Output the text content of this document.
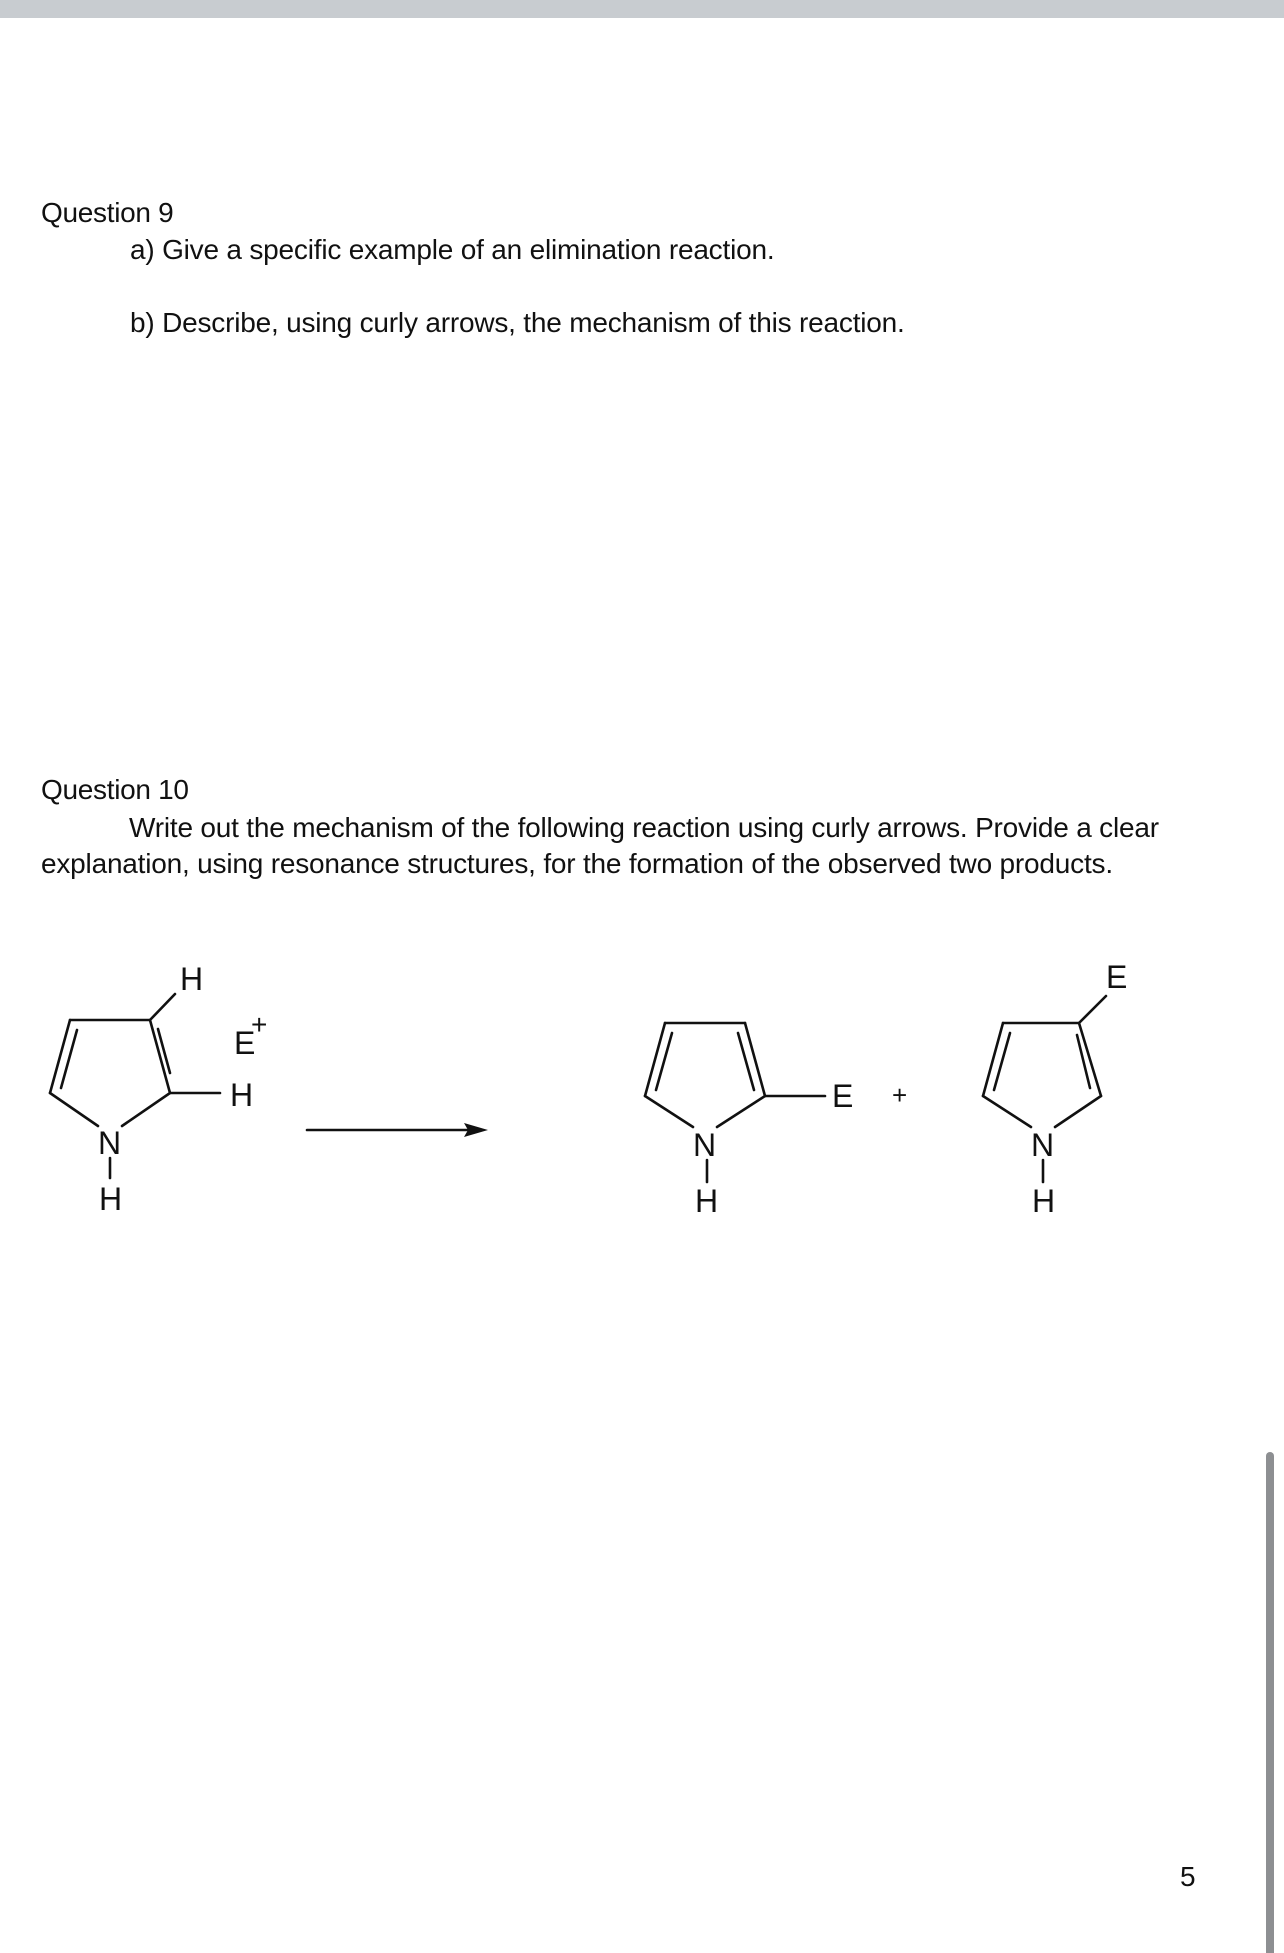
Question 9

a) Give a specific example of an elimination reaction.

b) Describe, using curly arrows, the mechanism of this reaction.

Question 10

Write out the mechanism of the following reaction using curly arrows. Provide a clear explanation, using resonance structures, for the formation of the observed two products.

N
H
H
H
E
+
N
H
E +
N
H
E
5
